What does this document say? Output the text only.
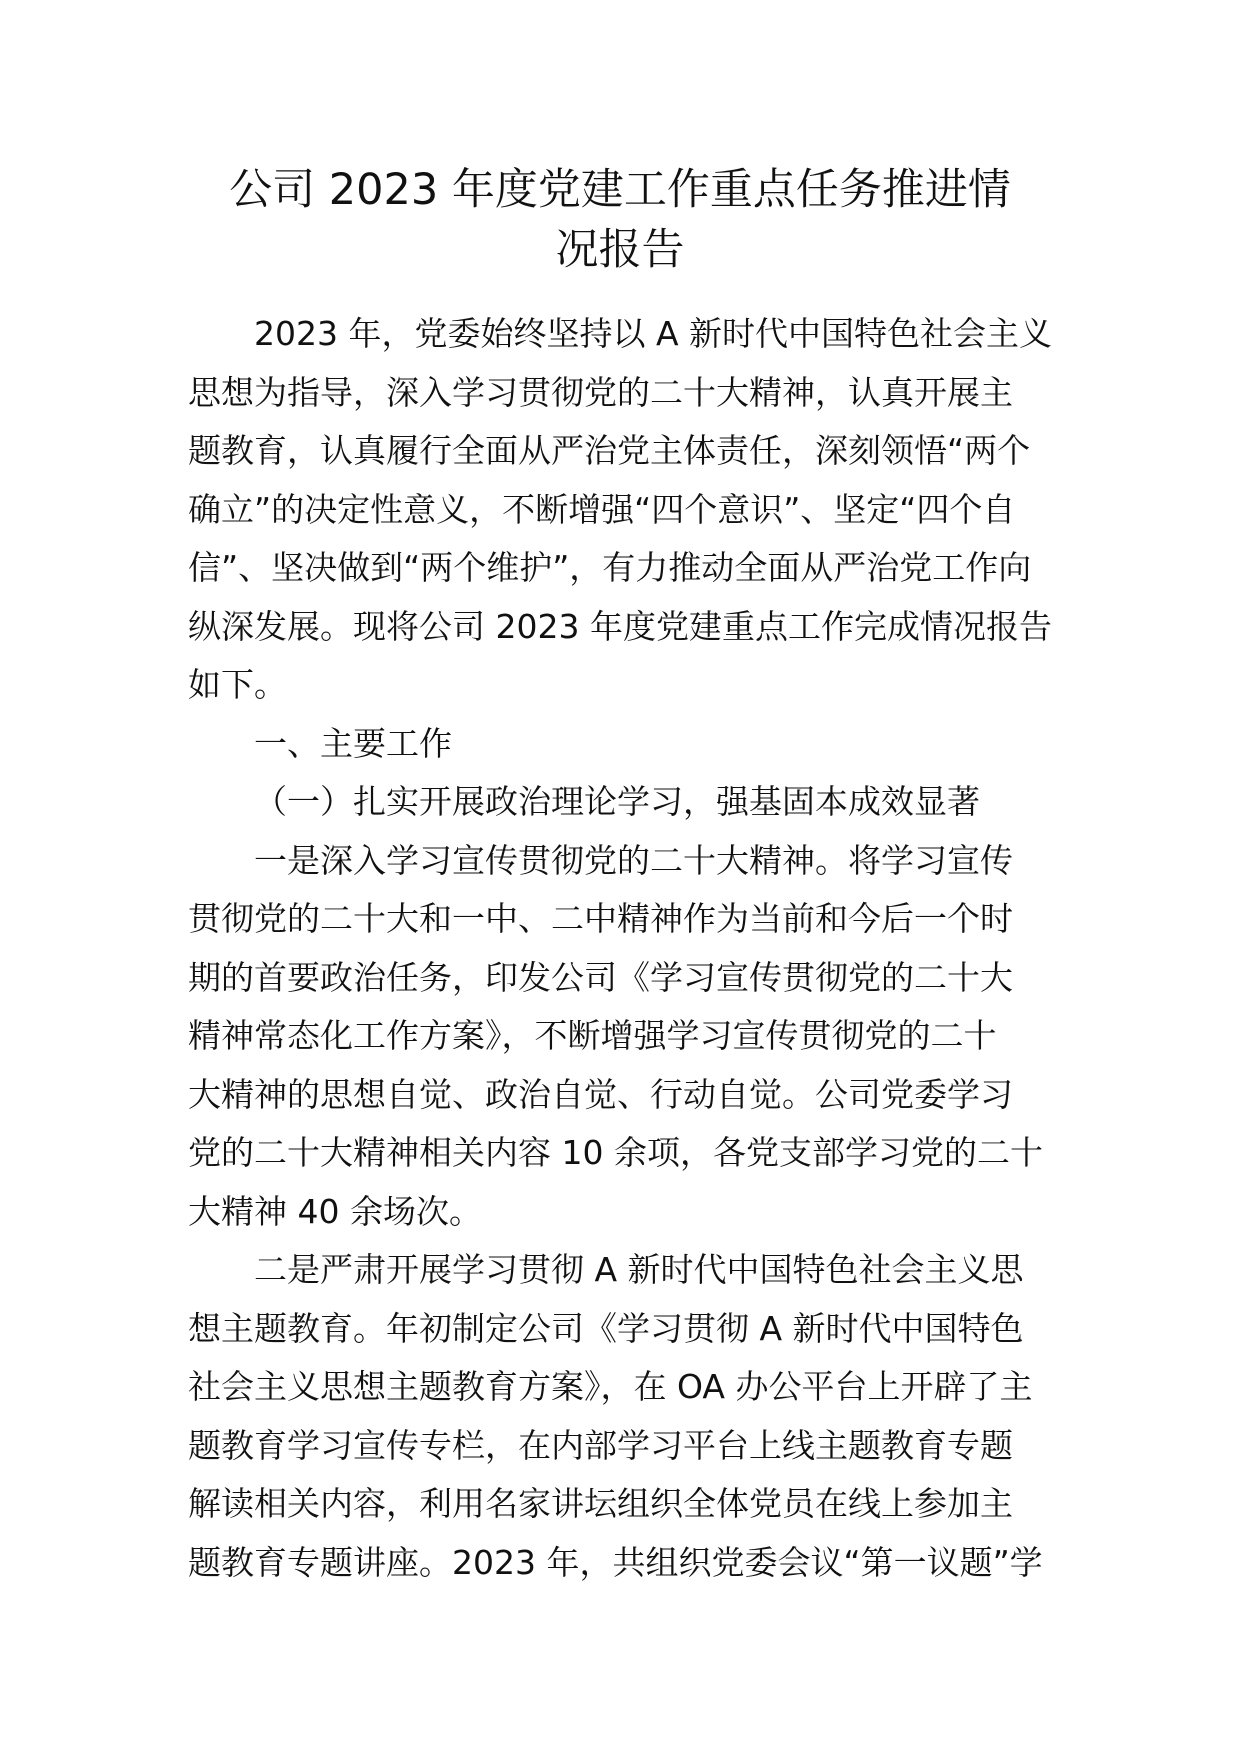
公司 2023 年度党建工作重点任务推进情
况报告

2023 年，党委始终坚持以 A 新时代中国特色社会主义

思想为指导，深入学习贯彻党的二十大精神，认真开展主

题教育，认真履行全面从严治党主体责任，深刻领悟“两个

确立”的决定性意义，不断增强“四个意识”、坚定“四个自

信”、坚决做到“两个维护”，有力推动全面从严治党工作向

纵深发展。现将公司 2023 年度党建重点工作完成情况报告

如下。

一、主要工作

（一）扎实开展政治理论学习，强基固本成效显著

一是深入学习宣传贯彻党的二十大精神。将学习宣传

贯彻党的二十大和一中、二中精神作为当前和今后一个时

期的首要政治任务，印发公司《学习宣传贯彻党的二十大

精神常态化工作方案》，不断增强学习宣传贯彻党的二十

大精神的思想自觉、政治自觉、行动自觉。公司党委学习

党的二十大精神相关内容 10 余项，各党支部学习党的二十

大精神 40 余场次。

二是严肃开展学习贯彻 A 新时代中国特色社会主义思

想主题教育。年初制定公司《学习贯彻 A 新时代中国特色

社会主义思想主题教育方案》，在 OA 办公平台上开辟了主

题教育学习宣传专栏，在内部学习平台上线主题教育专题

解读相关内容，利用名家讲坛组织全体党员在线上参加主

题教育专题讲座。2023 年，共组织党委会议“第一议题”学
